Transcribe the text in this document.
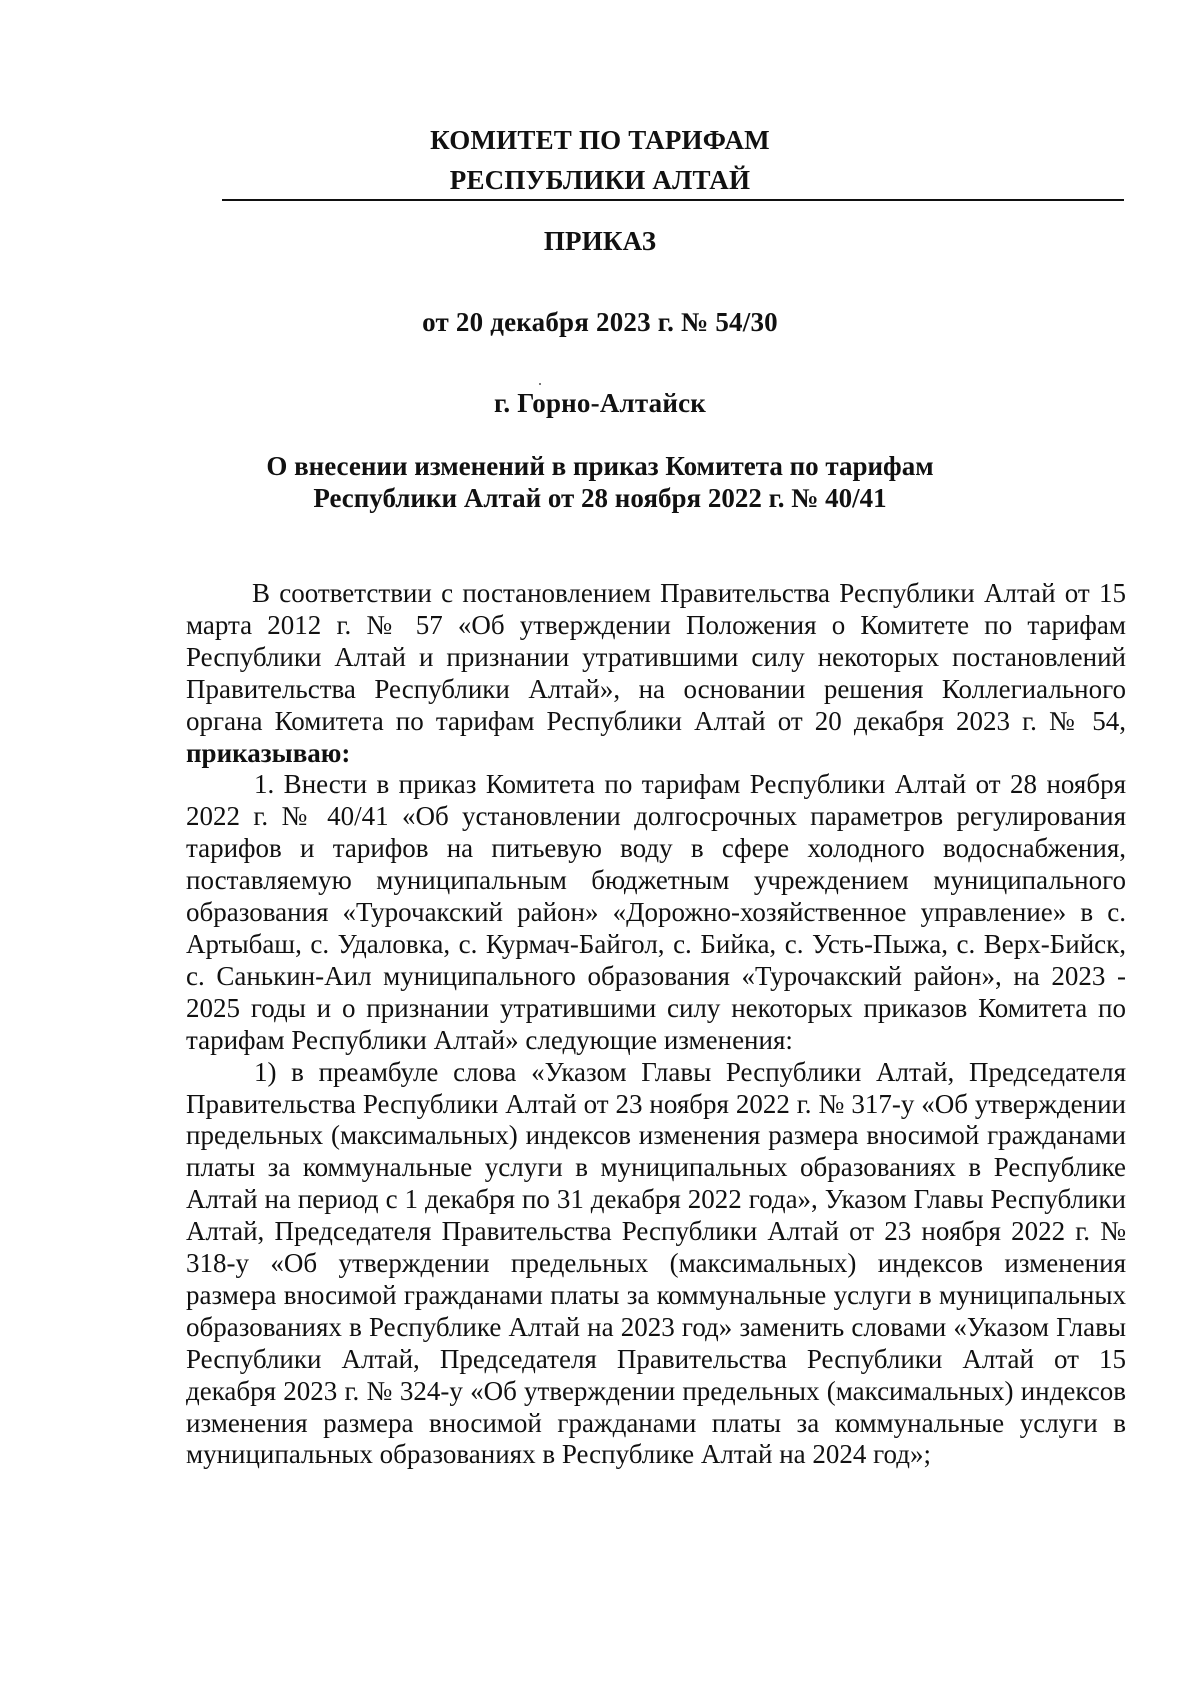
КОМИТЕТ ПО ТАРИФАМ
РЕСПУБЛИКИ АЛТАЙ
ПРИКАЗ
от 20 декабря 2023 г. № 54/30
г. Горно-Алтайск
О внесении изменений в приказ Комитета по тарифам
Республики Алтай от 28 ноября 2022 г. № 40/41

В соответствии с постановлением Правительства Республики Алтай от 15 марта 2012 г. № 57 «Об утверждении Положения о Комитете по тарифам Республики Алтай и признании утратившими силу некоторых постановлений Правительства Республики Алтай», на основании решения Коллегиального органа Комитета по тарифам Республики Алтай от 20 декабря 2023 г. № 54, приказываю:

1. Внести в приказ Комитета по тарифам Республики Алтай от 28 ноября 2022 г. № 40/41 «Об установлении долгосрочных параметров регулирования тарифов и тарифов на питьевую воду в сфере холодного водоснабжения, поставляемую муниципальным бюджетным учреждением муниципального образования «Турочакский район» «Дорожно-хозяйственное управление» в с. Артыбаш, с. Удаловка, с. Курмач-Байгол, с. Бийка, с. Усть-Пыжа, с. Верх-Бийск, с. Санькин-Аил муниципального образования «Турочакский район», на 2023 - 2025 годы и о признании утратившими силу некоторых приказов Комитета по тарифам Республики Алтай» следующие изменения:

1) в преамбуле слова «Указом Главы Республики Алтай, Председателя Правительства Республики Алтай от 23 ноября 2022 г. № 317-у «Об утверждении предельных (максимальных) индексов изменения размера вносимой гражданами платы за коммунальные услуги в муниципальных образованиях в Республике Алтай на период с 1 декабря по 31 декабря 2022 года», Указом Главы Республики Алтай, Председателя Правительства Республики Алтай от 23 ноября 2022 г. № 318-у «Об утверждении предельных (максимальных) индексов изменения размера вносимой гражданами платы за коммунальные услуги в муниципальных образованиях в Республике Алтай на 2023 год» заменить словами «Указом Главы Республики Алтай, Председателя Правительства Республики Алтай от 15 декабря 2023 г. № 324-у «Об утверждении предельных (максимальных) индексов изменения размера вносимой гражданами платы за коммунальные услуги в муниципальных образованиях в Республике Алтай на 2024 год»;
